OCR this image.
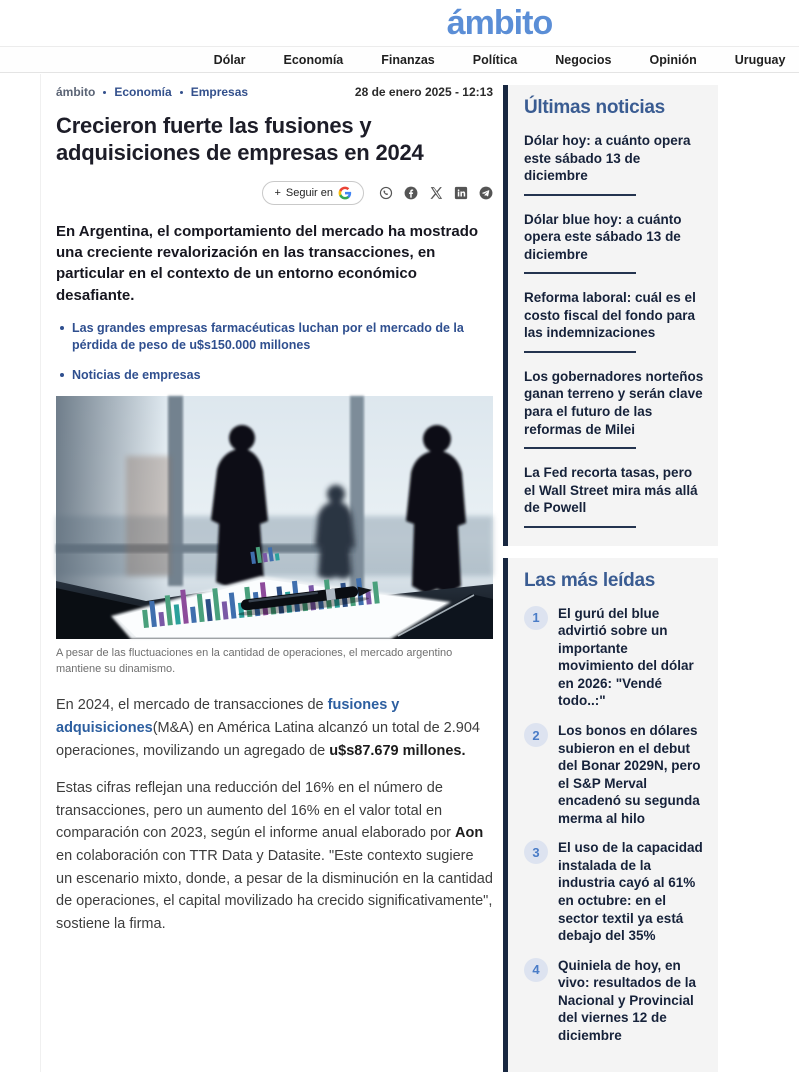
ámbito
Dólar	Economía	Finanzas	Política	Negocios	Opinión	Uruguay
ámbito Economía Empresas	28 de enero 2025 - 12:13
Crecieron fuerte las fusiones y adquisiciones de empresas en 2024
+ Seguir en

En Argentina, el comportamiento del mercado ha mostrado una creciente revalorización en las transacciones, en particular en el contexto de un entorno económico desafiante.

Las grandes empresas farmacéuticas luchan por el mercado de la pérdida de peso de u$s150.000 millones
Noticias de empresas

A pesar de las fluctuaciones en la cantidad de operaciones, el mercado argentino mantiene su dinamismo.

En 2024, el mercado de transacciones de fusiones y adquisiciones(M&A) en América Latina alcanzó un total de 2.904 operaciones, movilizando un agregado de u$s87.679 millones.

Estas cifras reflejan una reducción del 16% en el número de transacciones, pero un aumento del 16% en el valor total en comparación con 2023, según el informe anual elaborado por Aon en colaboración con TTR Data y Datasite. "Este contexto sugiere un escenario mixto, donde, a pesar de la disminución en la cantidad de operaciones, el capital movilizado ha crecido significativamente", sostiene la firma.

Últimas noticias
Dólar hoy: a cuánto opera este sábado 13 de diciembre
Dólar blue hoy: a cuánto opera este sábado 13 de diciembre
Reforma laboral: cuál es el costo fiscal del fondo para las indemnizaciones
Los gobernadores norteños ganan terreno y serán clave para el futuro de las reformas de Milei
La Fed recorta tasas, pero el Wall Street mira más allá de Powell
Las más leídas
1	El gurú del blue advirtió sobre un importante movimiento del dólar en 2026: "Vendé todo..:"
2	Los bonos en dólares subieron en el debut del Bonar 2029N, pero el S&P Merval encadenó su segunda merma al hilo
3	El uso de la capacidad instalada de la industria cayó al 61% en octubre: en el sector textil ya está debajo del 35%
4	Quiniela de hoy, en vivo: resultados de la Nacional y Provincial del viernes 12 de diciembre
